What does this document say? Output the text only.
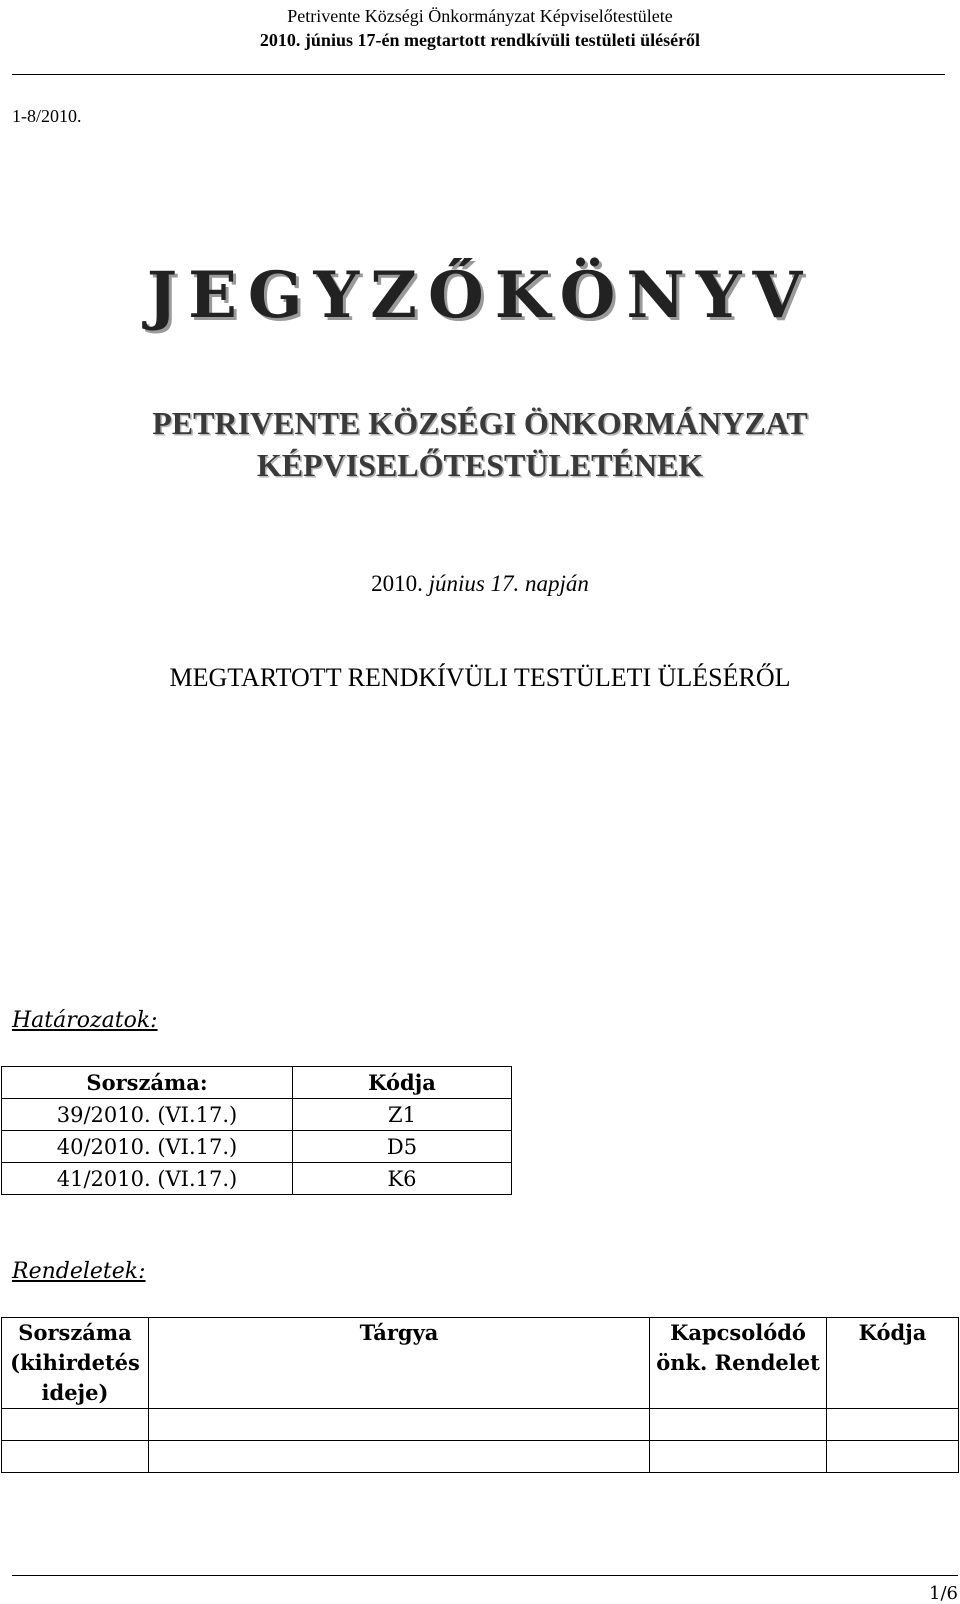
Petrivente Községi Önkormányzat Képviselőtestülete
2010. június 17-én megtartott rendkívüli testületi üléséről
1-8/2010.
JEGYZŐKÖNYV
PETRIVENTE KÖZSÉGI ÖNKORMÁNYZAT
KÉPVISELŐTESTÜLETÉNEK
2010. június 17. napján
MEGTARTOTT RENDKÍVÜLI TESTÜLETI ÜLÉSÉRŐL
Határozatok:
Sorszáma:	Kódja
39/2010. (VI.17.)	Z1
40/2010. (VI.17.)	D5
41/2010. (VI.17.)	K6
Rendeletek:
Sorszáma (kihirdetés ideje)	Tárgya	Kapcsolódó önk. Rendelet	Kódja

1/6
